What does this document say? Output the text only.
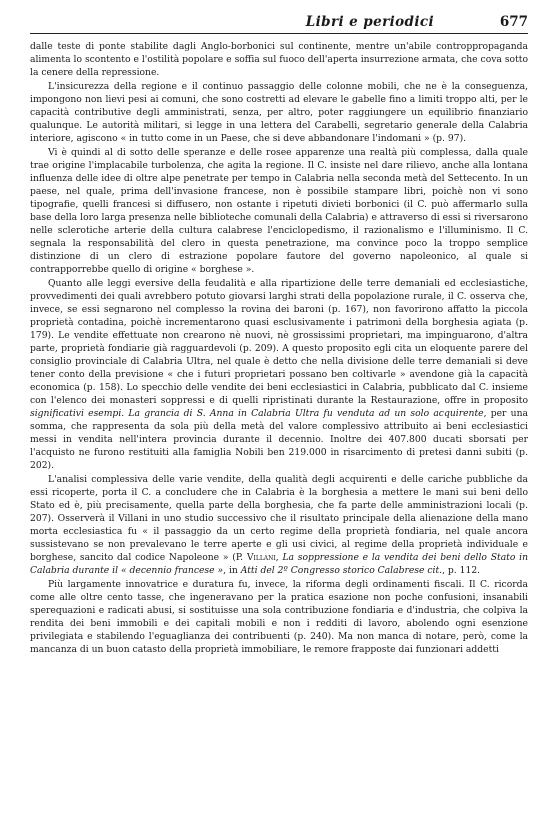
Libri e periodici	677

dalle teste di ponte stabilite dagli Anglo-borbonici sul continente, mentre un'abile controppropaganda alimenta lo scontento e l'ostilità popolare e soffia sul fuoco dell'aperta insurrezione armata, che cova sotto la cenere della repressione.

L'insicurezza della regione e il continuo passaggio delle colonne mobili, che ne è la conseguenza, impongono non lievi pesi ai comuni, che sono costretti ad elevare le gabelle fino a limiti troppo alti, per le capacità contributive degli amministrati, senza, per altro, poter raggiungere un equilibrio finanziario qualunque. Le autorità militari, si legge in una lettera del Carabelli, segretario generale della Calabria interiore, agiscono « in tutto come in un Paese, che si deve abbandonare l'indomani » (p. 97).

Vi è quindi al di sotto delle speranze e delle rosee apparenze una realtà più complessa, dalla quale trae origine l'implacabile turbolenza, che agita la regione. Il C. insiste nel dare rilievo, anche alla lontana influenza delle idee di oltre alpe penetrate per tempo in Calabria nella seconda metà del Settecento. In un paese, nel quale, prima dell'invasione francese, non è possibile stampare libri, poichè non vi sono tipografie, quelli francesi si diffusero, non ostante i ripetuti divieti borbonici (il C. può affermarlo sulla base della loro larga presenza nelle biblioteche comunali della Calabria) e attraverso di essi si riversarono nelle sclerotiche arterie della cultura calabrese l'enciclopedismo, il razionalismo e l'illuminismo. Il C. segnala la responsabilità del clero in questa penetrazione, ma convince poco la troppo semplice distinzione di un clero di estrazione popolare fautore del governo napoleonico, al quale si contrapporrebbe quello di origine « borghese ».

Quanto alle leggi eversive della feudalità e alla ripartizione delle terre demaniali ed ecclesiastiche, provvedimenti dei quali avrebbero potuto giovarsi larghi strati della popolazione rurale, il C. osserva che, invece, se essi segnarono nel complesso la rovina dei baroni (p. 167), non favorirono affatto la piccola proprietà contadina, poichè incrementarono quasi esclusivamente i patrimoni della borghesia agiata (p. 179). Le vendite effettuate non crearono nè nuovi, nè grossissimi proprietari, ma impinguarono, d'altra parte, proprietà fondiarie già ragguardevoli (p. 209). A questo proposito egli cita un eloquente parere del consiglio provinciale di Calabria Ultra, nel quale è detto che nella divisione delle terre demaniali si deve tener conto della previsione « che i futuri proprietari possano ben coltivarle » avendone già la capacità economica (p. 158). Lo specchio delle vendite dei beni ecclesiastici in Calabria, pubblicato dal C. insieme con l'elenco dei monasteri soppressi e di quelli ripristinati durante la Restaurazione, offre in proposito significativi esempi. La grancia di S. Anna in Calabria Ultra fu venduta ad un solo acquirente, per una somma, che rappresenta da sola più della metà del valore complessivo attribuito ai beni ecclesiastici messi in vendita nell'intera provincia durante il decennio. Inoltre dei 407.800 ducati sborsati per l'acquisto ne furono restituiti alla famiglia Nobili ben 219.000 in risarcimento di pretesi danni subiti (p. 202).

L'analisi complessiva delle varie vendite, della qualità degli acquirenti e delle cariche pubbliche da essi ricoperte, porta il C. a concludere che in Calabria è la borghesia a mettere le mani sui beni dello Stato ed è, più precisamente, quella parte della borghesia, che fa parte delle amministrazioni locali (p. 207). Osserverà il Villani in uno studio successivo che il risultato principale della alienazione della mano morta ecclesiastica fu « il passaggio da un certo regime della proprietà fondiaria, nel quale ancora sussistevano se non prevalevano le terre aperte e gli usi civici, al regime della proprietà individuale e borghese, sancito dal codice Napoleone » (P. Villani, La soppressione e la vendita dei beni dello Stato in Calabria durante il « decennio francese », in Atti del 2º Congresso storico Calabrese cit., p. 112.

Più largamente innovatrice e duratura fu, invece, la riforma degli ordinamenti fiscali. Il C. ricorda come alle oltre cento tasse, che ingeneravano per la pratica esazione non poche confusioni, insanabili sperequazioni e radicati abusi, si sostituisse una sola contribuzione fondiaria e d'industria, che colpiva la rendita dei beni immobili e dei capitali mobili e non i redditi di lavoro, abolendo ogni esenzione privilegiata e stabilendo l'eguaglianza dei contribuenti (p. 240). Ma non manca di notare, però, come la mancanza di un buon catasto della proprietà immobiliare, le remore frapposte dai funzionari addetti
